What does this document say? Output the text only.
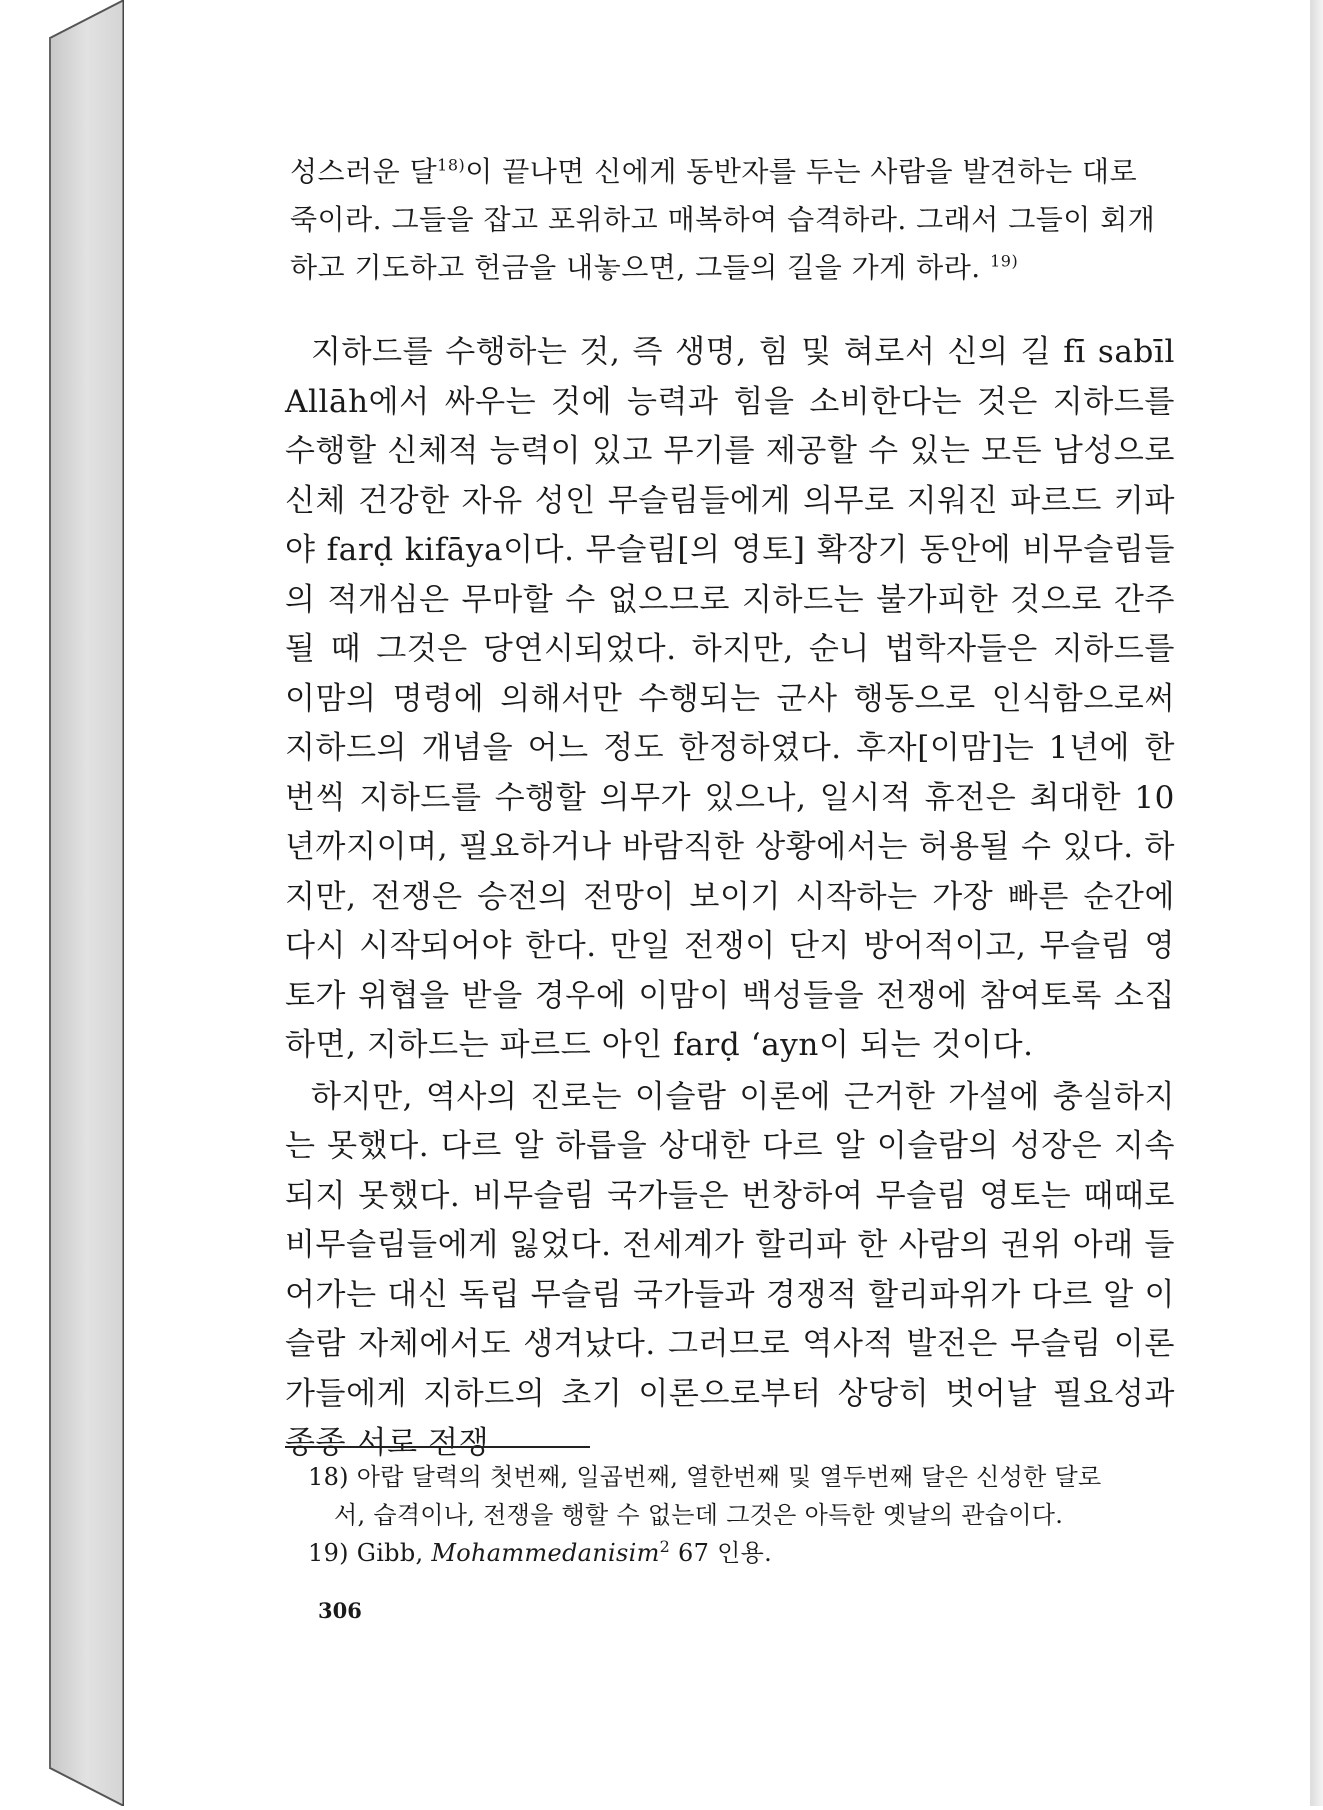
성스러운 달$^{18)}$이 끝나면 신에게 동반자를 두는 사람을 발견하는 대로 죽이라. 그들을 잡고 포위하고 매복하여 습격하라. 그래서 그들이 회개하고 기도하고 헌금을 내놓으면, 그들의 길을 가게 하라. $^{19)}$

지하드를 수행하는 것, 즉 생명, 힘 및 혀로서 신의 길 fī sabīl Allāh에서 싸우는 것에 능력과 힘을 소비한다는 것은 지하드를 수행할 신체적 능력이 있고 무기를 제공할 수 있는 모든 남성으로 신체 건강한 자유 성인 무슬림들에게 의무로 지워진 파르드 키파야 farḍ kifāya이다. 무슬림[의 영토] 확장기 동안에 비무슬림들의 적개심은 무마할 수 없으므로 지하드는 불가피한 것으로 간주될 때 그것은 당연시되었다. 하지만, 순니 법학자들은 지하드를 이맘의 명령에 의해서만 수행되는 군사 행동으로 인식함으로써 지하드의 개념을 어느 정도 한정하였다. 후자[이맘]는 1년에 한 번씩 지하드를 수행할 의무가 있으나, 일시적 휴전은 최대한 10년까지이며, 필요하거나 바람직한 상황에서는 허용될 수 있다. 하지만, 전쟁은 승전의 전망이 보이기 시작하는 가장 빠른 순간에 다시 시작되어야 한다. 만일 전쟁이 단지 방어적이고, 무슬림 영토가 위협을 받을 경우에 이맘이 백성들을 전쟁에 참여토록 소집하면, 지하드는 파르드 아인 farḍ ‘ayn이 되는 것이다.

하지만, 역사의 진로는 이슬람 이론에 근거한 가설에 충실하지는 못했다. 다르 알 하릅을 상대한 다르 알 이슬람의 성장은 지속되지 못했다. 비무슬림 국가들은 번창하여 무슬림 영토는 때때로 비무슬림들에게 잃었다. 전세계가 할리파 한 사람의 권위 아래 들어가는 대신 독립 무슬림 국가들과 경쟁적 할리파위가 다르 알 이슬람 자체에서도 생겨났다. 그러므로 역사적 발전은 무슬림 이론가들에게 지하드의 초기 이론으로부터 상당히 벗어날 필요성과 종종 서로 전쟁

18) 아랍 달력의 첫번째, 일곱번째, 열한번째 및 열두번째 달은 신성한 달로
서, 습격이나, 전쟁을 행할 수 없는데 그것은 아득한 옛날의 관습이다.
19) Gibb, Mohammedanisim$^2$ 67 인용.
306
